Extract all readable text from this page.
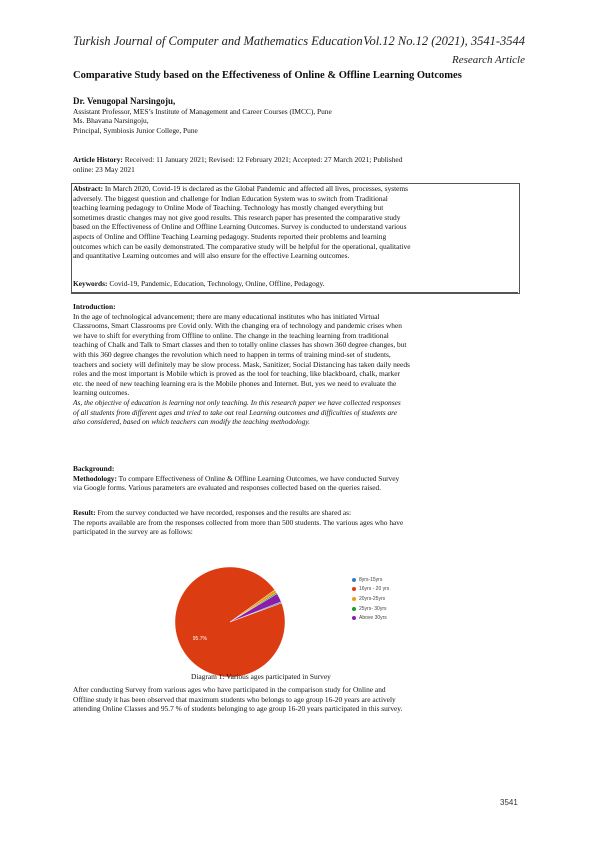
Turkish Journal of Computer and Mathematics Education Vol.12 No.12 (2021), 3541-3544
Research Article
Comparative Study based on the Effectiveness of Online & Offline Learning Outcomes
Dr. Venugopal Narsingoju,
Assistant Professor, MES’s Institute of Management and Career Courses (IMCC), Pune
Ms. Bhavana Narsingoju,
Principal, Symbiosis Junior College, Pune
Article History: Received: 11 January 2021; Revised: 12 February 2021; Accepted: 27 March 2021; Published
online: 23 May 2021
Abstract: In March 2020, Covid-19 is declared as the Global Pandemic and affected all lives, processes, systems
adversely. The biggest question and challenge for Indian Education System was to switch from Traditional
teaching learning pedagogy to Online Mode of Teaching. Technology has mostly changed everything but
sometimes drastic changes may not give good results. This research paper has presented the comparative study
based on the Effectiveness of Online and Offline Learning Outcomes. Survey is conducted to understand various
aspects of Online and Offline Teaching Learning pedagogy. Students reported their problems and learning
outcomes which can be easily demonstrated. The comparative study will be helpful for the operational, qualitative
and quantitative Learning outcomes and will also ensure for the effective Learning outcomes.
Keywords: Covid-19, Pandemic, Education, Technology, Online, Offline, Pedagogy.
Introduction:
In the age of technological advancement; there are many educational institutes who has initiated Virtual
Classrooms, Smart Classrooms pre Covid only. With the changing era of technology and pandemic crises when
we have to shift for everything from Offline to online. The change in the teaching learning from traditional
teaching of Chalk and Talk to Smart classes and then to totally online classes has shown 360 degree changes, but
with this 360 degree changes the revolution which need to happen in terms of training mind-set of students,
teachers and society will definitely may be slow process. Mask, Sanitizer, Social Distancing has taken daily needs
roles and the most important is Mobile which is proved as the tool for teaching, like blackboard, chalk, marker
etc. the need of new teaching learning era is the Mobile phones and Internet. But, yes we need to evaluate the
learning outcomes.
As, the objective of education is learning not only teaching. In this research paper we have collected responses
of all students from different ages and tried to take out real Learning outcomes and difficulties of students are
also considered, based on which teachers can modify the teaching methodology.
Background:
Methodology: To compare Effectiveness of Online & Offline Learning Outcomes, we have conducted Survey
via Google forms. Various parameters are evaluated and responses collected based on the queries raised.
Result: From the survey conducted we have recorded, responses and the results are shared as:
The reports available are from the responses collected from more than 500 students. The various ages who have
participated in the survey are as follows:
95.7%
8yrs-15yrs
16yrs - 20 yrs
20yrs-25yrs
25yrs- 30yrs
Above 30yrs
Diagram 1: Various ages participated in Survey
After conducting Survey from various ages who have participated in the comparison study for Online and
Offline study it has been observed that maximum students who belongs to age group 16-20 years are actively
attending Online Classes and 95.7 % of students belonging to age group 16-20 years participated in this survey.
3541
